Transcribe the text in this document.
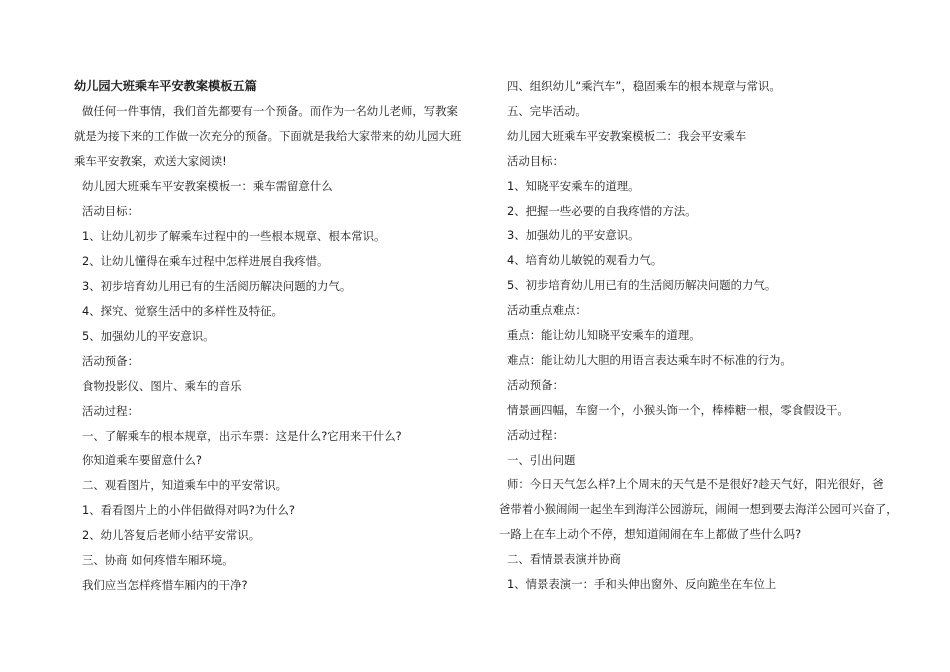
幼儿园大班乘车平安教案模板五篇
做任何一件事情，我们首先都要有一个预备。而作为一名幼儿老师，写教案
就是为接下来的工作做一次充分的预备。下面就是我给大家带来的幼儿园大班
乘车平安教案，欢送大家阅读!
幼儿园大班乘车平安教案模板一：乘车需留意什么
活动目标：
1、让幼儿初步了解乘车过程中的一些根本规章、根本常识。
2、让幼儿懂得在乘车过程中怎样进展自我疼惜。
3、初步培育幼儿用已有的生活阅历解决问题的力气。
4、探究、觉察生活中的多样性及特征。
5、加强幼儿的平安意识。
活动预备：
食物投影仪、图片、乘车的音乐
活动过程：
一、了解乘车的根本规章，出示车票：这是什么?它用来干什么?
你知道乘车要留意什么?
二、观看图片，知道乘车中的平安常识。
1、看看图片上的小伴侣做得对吗?为什么?
2、幼儿答复后老师小结平安常识。
三、协商 如何疼惜车厢环境。
我们应当怎样疼惜车厢内的干净?
四、组织幼儿“乘汽车”，稳固乘车的根本规章与常识。
五、完毕活动。
幼儿园大班乘车平安教案模板二：我会平安乘车
活动目标：
1、知晓平安乘车的道理。
2、把握一些必要的自我疼惜的方法。
3、加强幼儿的平安意识。
4、培育幼儿敏锐的观看力气。
5、初步培育幼儿用已有的生活阅历解决问题的力气。
活动重点难点：
重点：能让幼儿知晓平安乘车的道理。
难点：能让幼儿大胆的用语言表达乘车时不标准的行为。
活动预备：
情景画四幅，车窗一个，小猴头饰一个，棒棒糖一根，零食假设干。
活动过程：
一、引出问题
师：今日天气怎么样?上个周末的天气是不是很好?趁天气好，阳光很好，爸
爸带着小猴闹闹一起坐车到海洋公园游玩，闹闹一想到要去海洋公园可兴奋了，
一路上在车上动个不停，想知道闹闹在车上都做了些什么吗?
二、看情景表演并协商
1、情景表演一：手和头伸出窗外、反向跪坐在车位上
